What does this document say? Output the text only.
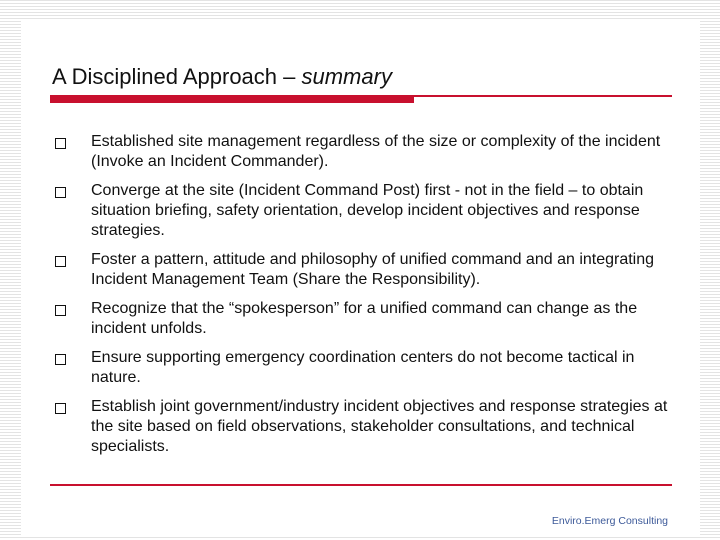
A Disciplined Approach – summary
Established site management regardless of the size or complexity of the incident (Invoke an Incident Commander).
Converge at the site (Incident Command Post) first - not in the field – to obtain situation briefing, safety orientation, develop incident objectives and response strategies.
Foster a pattern, attitude and philosophy of unified command and an integrating Incident Management Team (Share the Responsibility).
Recognize that the “spokesperson” for a unified command can change as the incident unfolds.
Ensure supporting emergency coordination centers do not become tactical in nature.
Establish joint government/industry incident objectives and response strategies at the site based on field observations, stakeholder consultations, and technical specialists.
Enviro.Emerg Consulting
